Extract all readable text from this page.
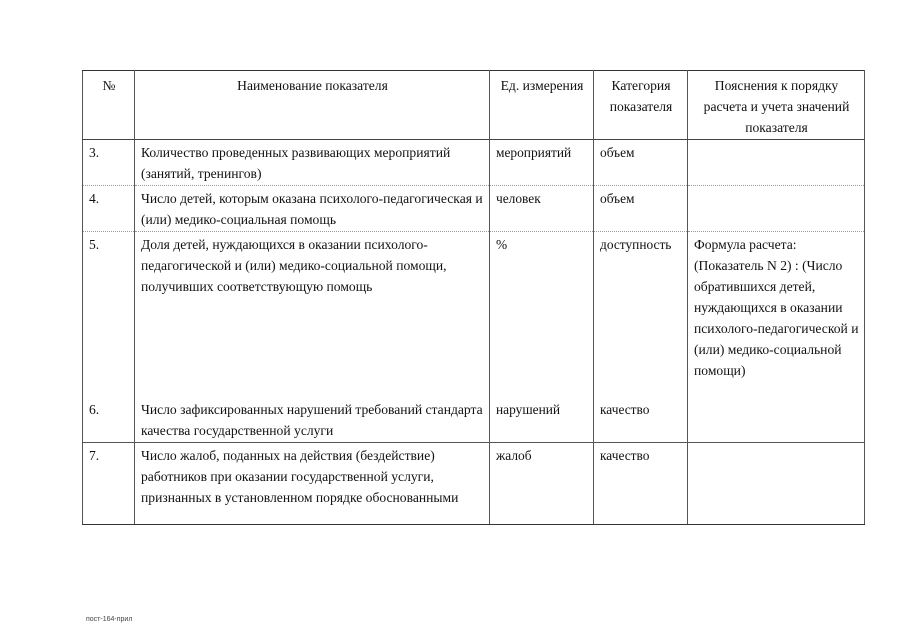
№	Наименование показателя	Ед. измерения	Категория показателя	Пояснения к порядку расчета и учета значений показателя
3.	Количество проведенных развивающих мероприятий (занятий, тренингов)	мероприятий	объем	
4.	Число детей, которым оказана психолого-педагогическая и (или) медико-социальная помощь	человек	объем	
5.	Доля детей, нуждающихся в оказании психолого-педагогической и (или) медико-социальной помощи, получивших соответствующую помощь	%	доступность	Формула расчета: (Показатель N 2) : (Число обратившихся детей, нуждающихся в оказании психолого-педагогической и (или) медико-социальной помощи)
6.	Число зафиксированных нарушений требований стандарта качества государственной услуги	нарушений	качество	
7.	Число жалоб, поданных на действия (бездействие) работников при оказании государственной услуги, признанных в установленном порядке обоснованными	жалоб	качество	
пост-164-прил
